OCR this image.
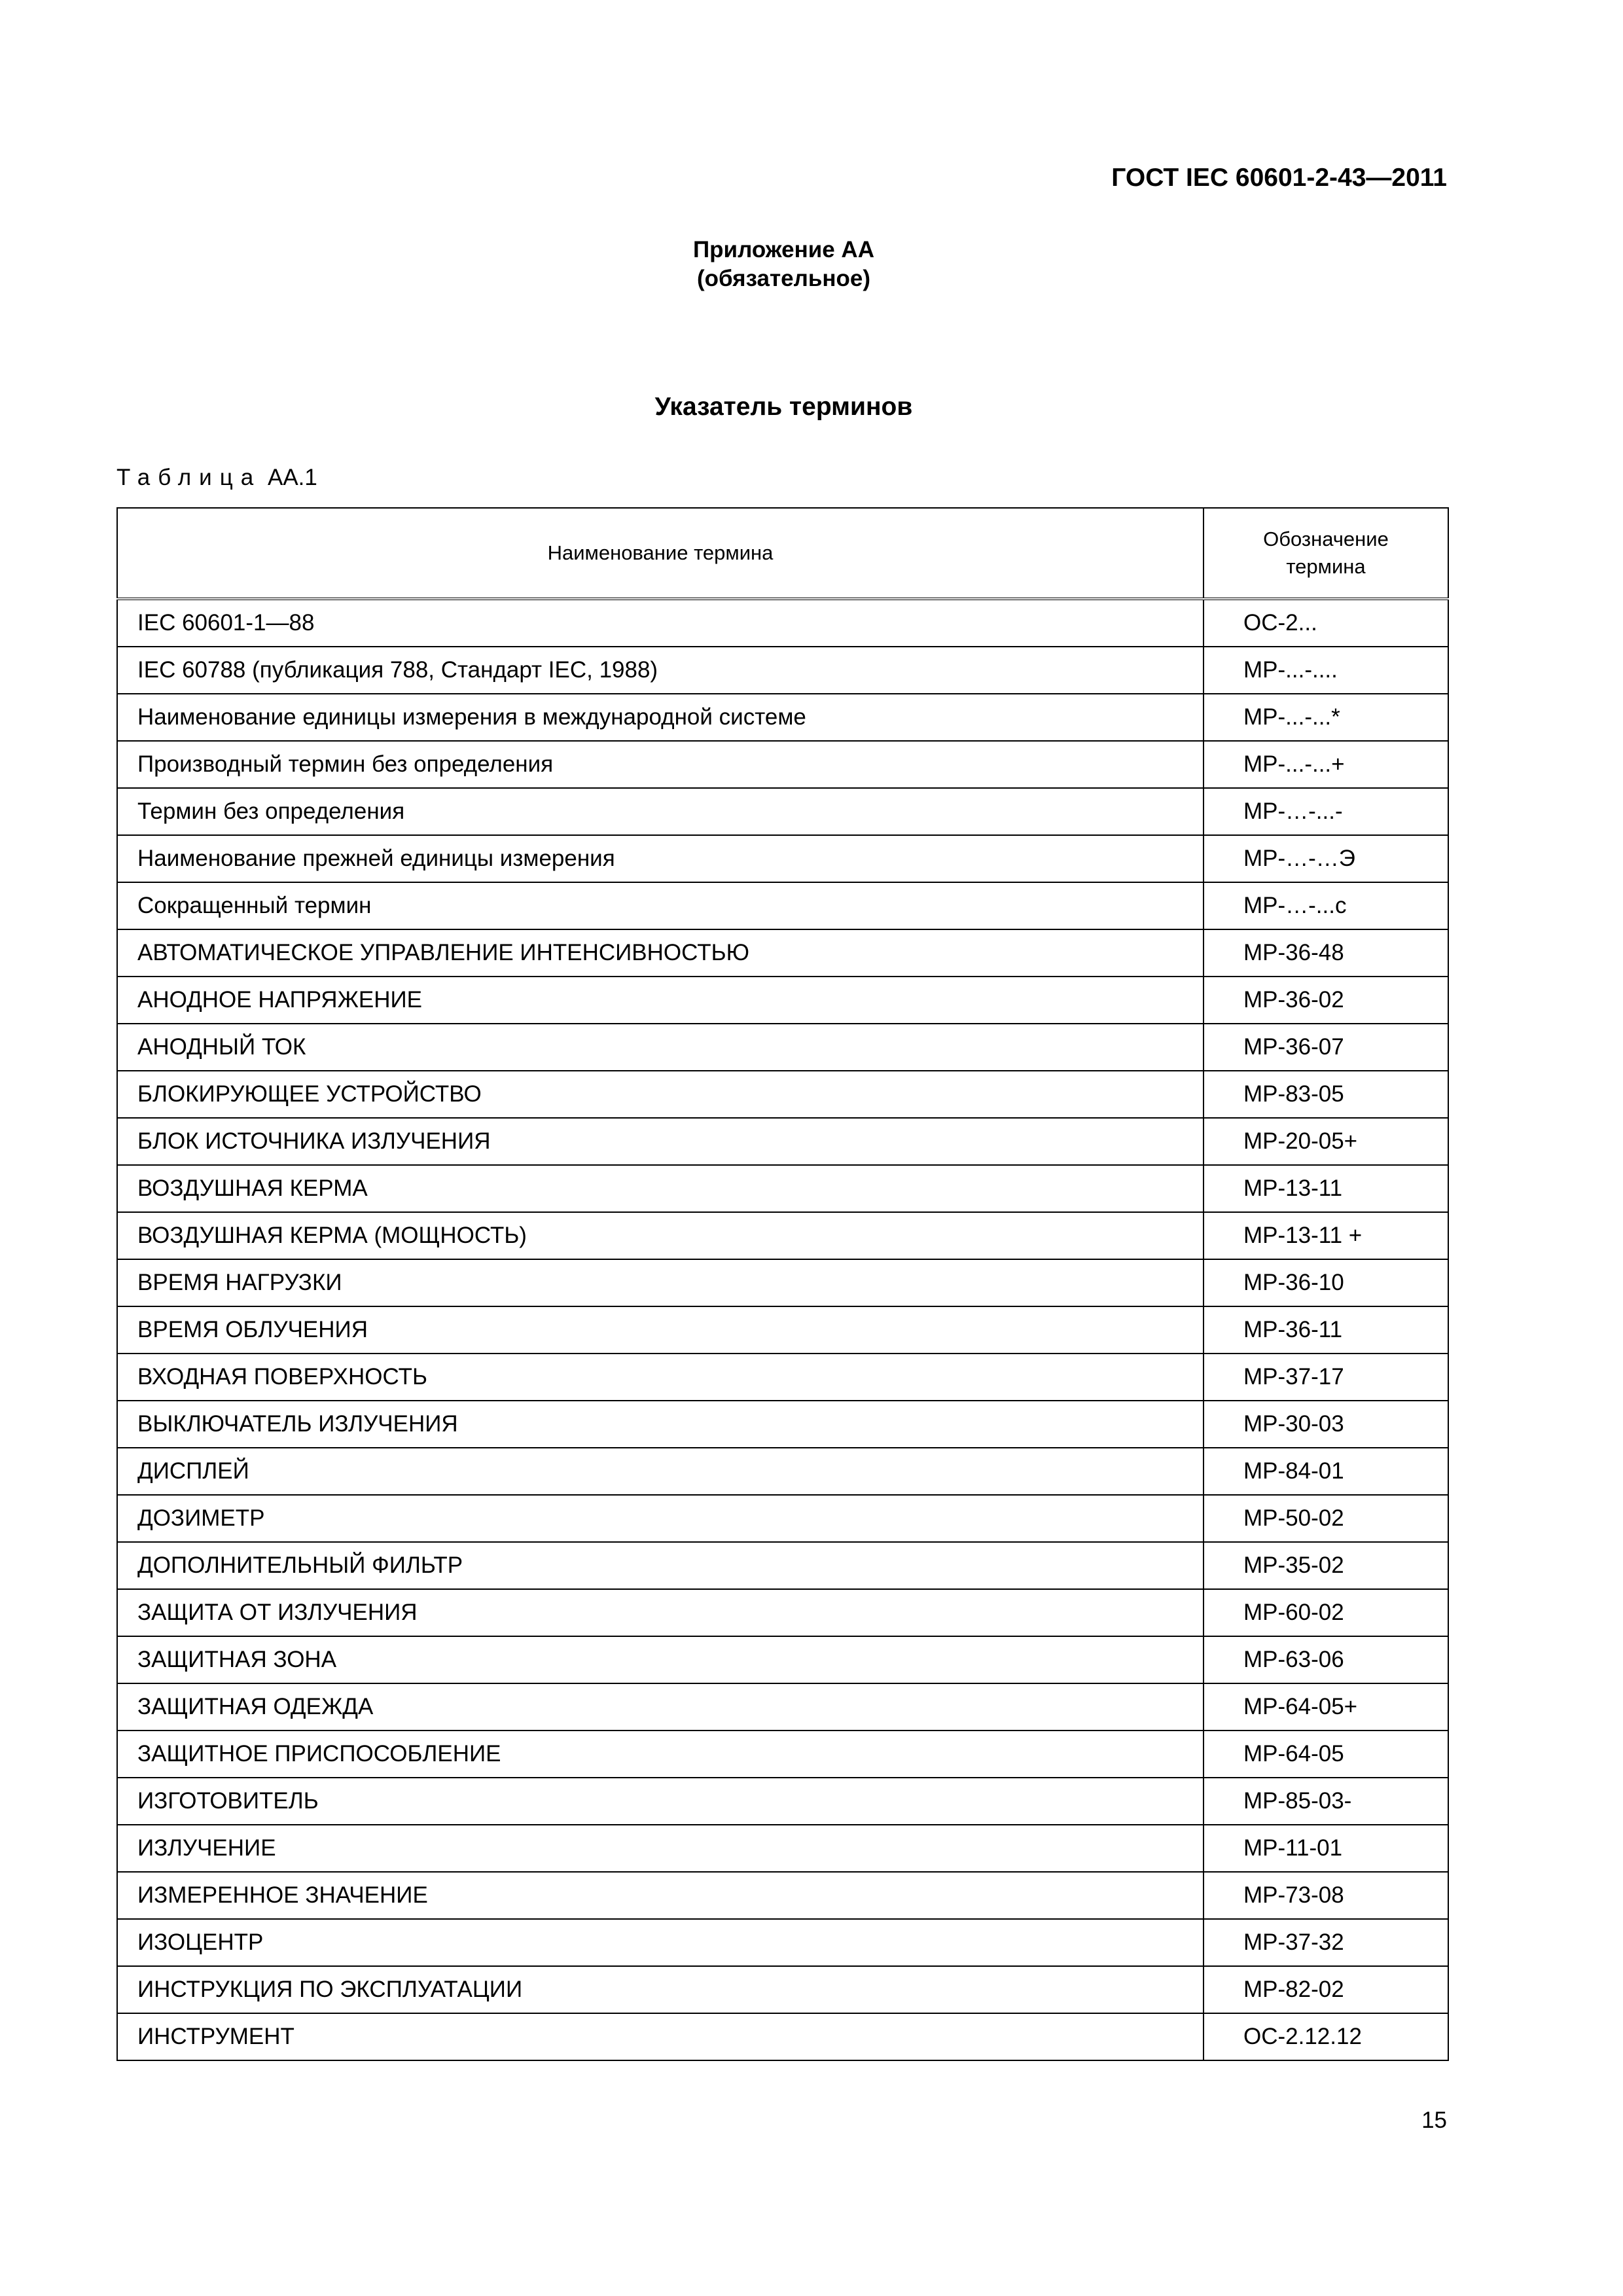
ГОСТ IEC 60601-2-43—2011
Приложение АА
(обязательное)
Указатель терминов
Таблица АА.1
Наименование термина	Обозначение
термина

IEC 60601-1—88	ОС-2...
IEC 60788 (публикация 788, Стандарт IEC, 1988)	MP-...-....
Наименование единицы измерения в международной системе	MP-...-...*
Производный термин без определения	MP-...-...+
Термин без определения	MP-…-...-
Наименование прежней единицы измерения	MP-…-…Э
Сокращенный термин	MP-…-...c
АВТОМАТИЧЕСКОЕ УПРАВЛЕНИЕ ИНТЕНСИВНОСТЬЮ	MP-36-48
АНОДНОЕ НАПРЯЖЕНИЕ	MP-36-02
АНОДНЫЙ ТОК	MP-36-07
БЛОКИРУЮЩЕЕ УСТРОЙСТВО	MP-83-05
БЛОК ИСТОЧНИКА ИЗЛУЧЕНИЯ	MP-20-05+
ВОЗДУШНАЯ КЕРМА	MP-13-11
ВОЗДУШНАЯ КЕРМА (МОЩНОСТЬ)	MP-13-11 +
ВРЕМЯ НАГРУЗКИ	MP-36-10
ВРЕМЯ ОБЛУЧЕНИЯ	MP-36-11
ВХОДНАЯ ПОВЕРХНОСТЬ	MP-37-17
ВЫКЛЮЧАТЕЛЬ ИЗЛУЧЕНИЯ	MP-30-03
ДИСПЛЕЙ	MP-84-01
ДОЗИМЕТР	MP-50-02
ДОПОЛНИТЕЛЬНЫЙ ФИЛЬТР	MP-35-02
ЗАЩИТА ОТ ИЗЛУЧЕНИЯ	MP-60-02
ЗАЩИТНАЯ ЗОНА	MP-63-06
ЗАЩИТНАЯ ОДЕЖДА	MP-64-05+
ЗАЩИТНОЕ ПРИСПОСОБЛЕНИЕ	MP-64-05
ИЗГОТОВИТЕЛЬ	MP-85-03-
ИЗЛУЧЕНИЕ	MP-11-01
ИЗМЕРЕННОЕ ЗНАЧЕНИЕ	MP-73-08
ИЗОЦЕНТР	MP-37-32
ИНСТРУКЦИЯ ПО ЭКСПЛУАТАЦИИ	MP-82-02
ИНСТРУМЕНТ	ОС-2.12.12
15
